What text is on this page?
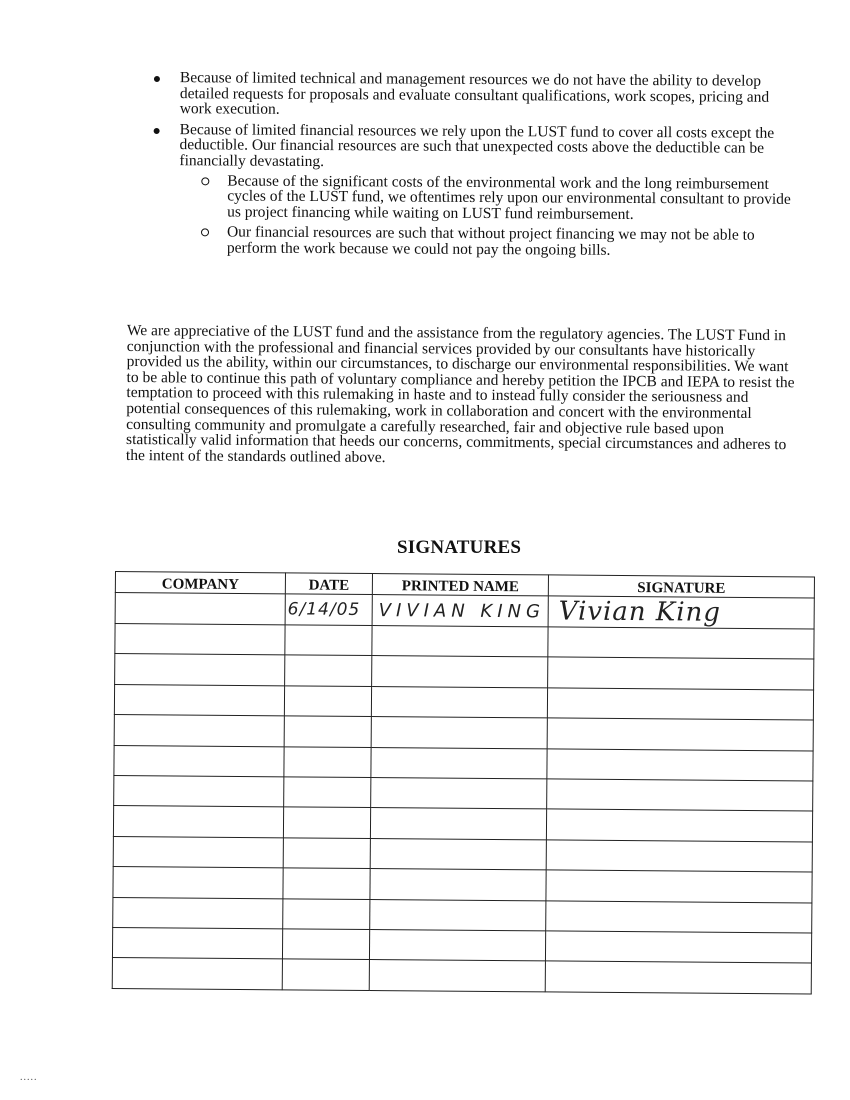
Because of limited technical and management resources we do not have the ability to develop detailed requests for proposals and evaluate consultant qualifications, work scopes, pricing and work execution.
Because of limited financial resources we rely upon the LUST fund to cover all costs except the deductible. Our financial resources are such that unexpected costs above the deductible can be financially devastating.
Because of the significant costs of the environmental work and the long reimbursement cycles of the LUST fund, we oftentimes rely upon our environmental consultant to provide us project financing while waiting on LUST fund reimbursement.
Our financial resources are such that without project financing we may not be able to perform the work because we could not pay the ongoing bills.
We are appreciative of the LUST fund and the assistance from the regulatory agencies. The LUST Fund in conjunction with the professional and financial services provided by our consultants have historically provided us the ability, within our circumstances, to discharge our environmental responsibilities. We want to be able to continue this path of voluntary compliance and hereby petition the IPCB and IEPA to resist the temptation to proceed with this rulemaking in haste and to instead fully consider the seriousness and potential consequences of this rulemaking, work in collaboration and concert with the environmental consulting community and promulgate a carefully researched, fair and objective rule based upon statistically valid information that heeds our concerns, commitments, special circumstances and adheres to the intent of the standards outlined above.
SIGNATURES
COMPANY	DATE	PRINTED NAME	SIGNATURE
	6/14/05	VIVIAN KING	Vivian King

.....
